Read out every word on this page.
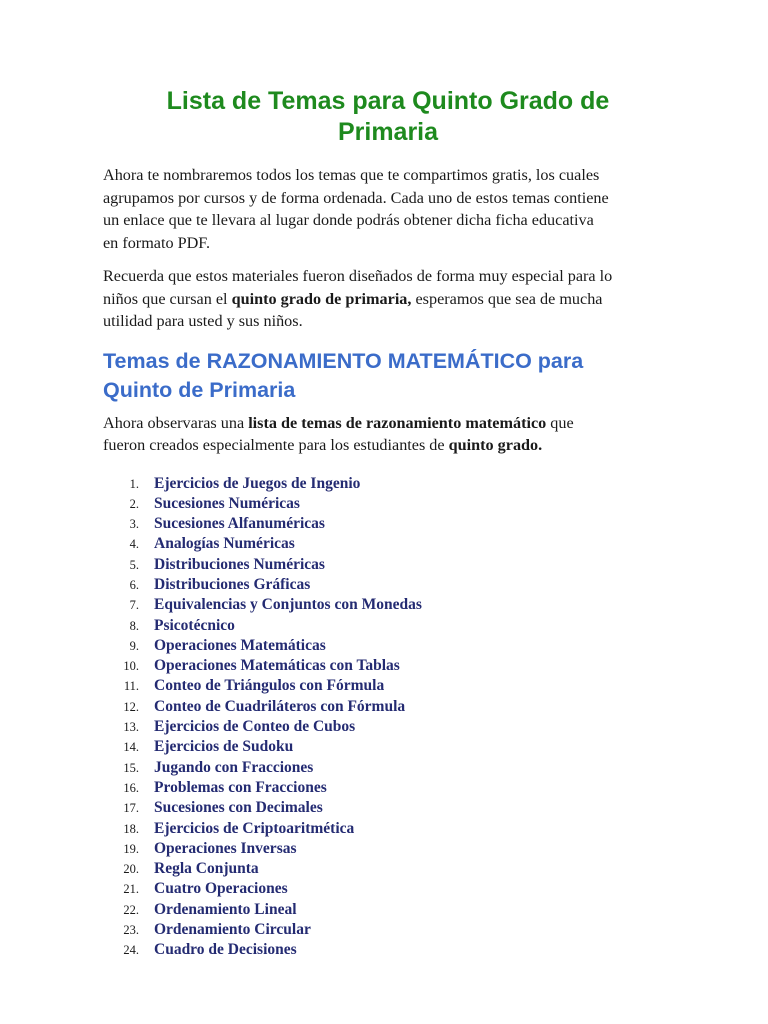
Lista de Temas para Quinto Grado de
Primaria

Ahora te nombraremos todos los temas que te compartimos gratis, los cuales
agrupamos por cursos y de forma ordenada. Cada uno de estos temas contiene
un enlace que te llevara al lugar donde podrás obtener dicha ficha educativa
en formato PDF.

Recuerda que estos materiales fueron diseñados de forma muy especial para lo
niños que cursan el quinto grado de primaria, esperamos que sea de mucha
utilidad para usted y sus niños.

Temas de RAZONAMIENTO MATEMÁTICO para
Quinto de Primaria

Ahora observaras una lista de temas de razonamiento matemático que
fueron creados especialmente para los estudiantes de quinto grado.

1. Ejercicios de Juegos de Ingenio
2. Sucesiones Numéricas
3. Sucesiones Alfanuméricas
4. Analogías Numéricas
5. Distribuciones Numéricas
6. Distribuciones Gráficas
7. Equivalencias y Conjuntos con Monedas
8. Psicotécnico
9. Operaciones Matemáticas
10. Operaciones Matemáticas con Tablas
11. Conteo de Triángulos con Fórmula
12. Conteo de Cuadriláteros con Fórmula
13. Ejercicios de Conteo de Cubos
14. Ejercicios de Sudoku
15. Jugando con Fracciones
16. Problemas con Fracciones
17. Sucesiones con Decimales
18. Ejercicios de Criptoaritmética
19. Operaciones Inversas
20. Regla Conjunta
21. Cuatro Operaciones
22. Ordenamiento Lineal
23. Ordenamiento Circular
24. Cuadro de Decisiones
